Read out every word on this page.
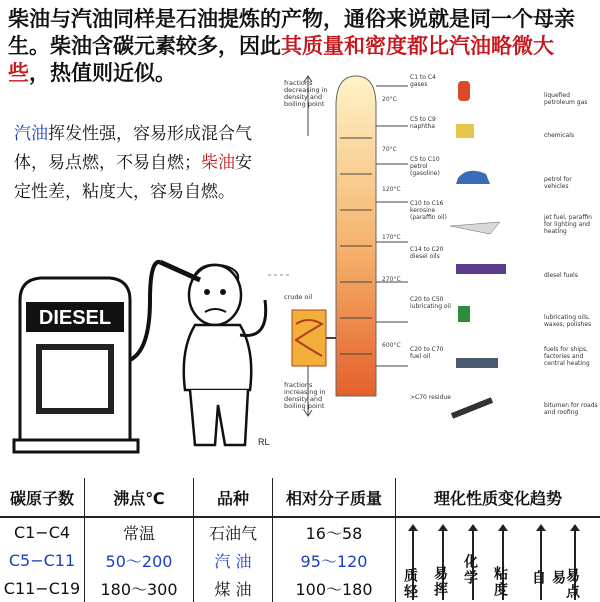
柴油与汽油同样是石油提炼的产物，通俗来说就是同一个母亲生。柴油含碳元素较多，因此其质量和密度都比汽油略微大些，热值则近似。
汽油挥发性强，容易形成混合气体，易点燃，不易自燃；柴油安定性差，粘度大，容易自燃。
DIESEL
RL
fractions decreasing in density and boiling point
crude oil
fractions increasing in density and boiling point
20°C
70°C
120°C
170°C
270°C
600°C
C1 to C4 gases
C5 to C9 naphtha
C5 to C10 petrol (gasoline)
C10 to C16 kerosine (paraffin oil)
C14 to C20 diesel oils
C20 to C50 lubricating oil
C20 to C70 fuel oil
>C70 residue
liquefied petroleum gas
chemicals
petrol for vehicles
jet fuel, paraffin for lighting and heating
diesel fuels
lubricating oils, waxes, polishes
fuels for ships, factories and central heating
bitumen for roads and roofing
碳原子数	沸点℃	品种	相对分子质量	理化性质变化趋势
C1−C4	常温	石油气	16～58	
C5−C11	50～200	汽 油	95～120	
C11−C19	180～300	煤 油	100～180	质轻 易挥 化学 粘度	易自	易点
